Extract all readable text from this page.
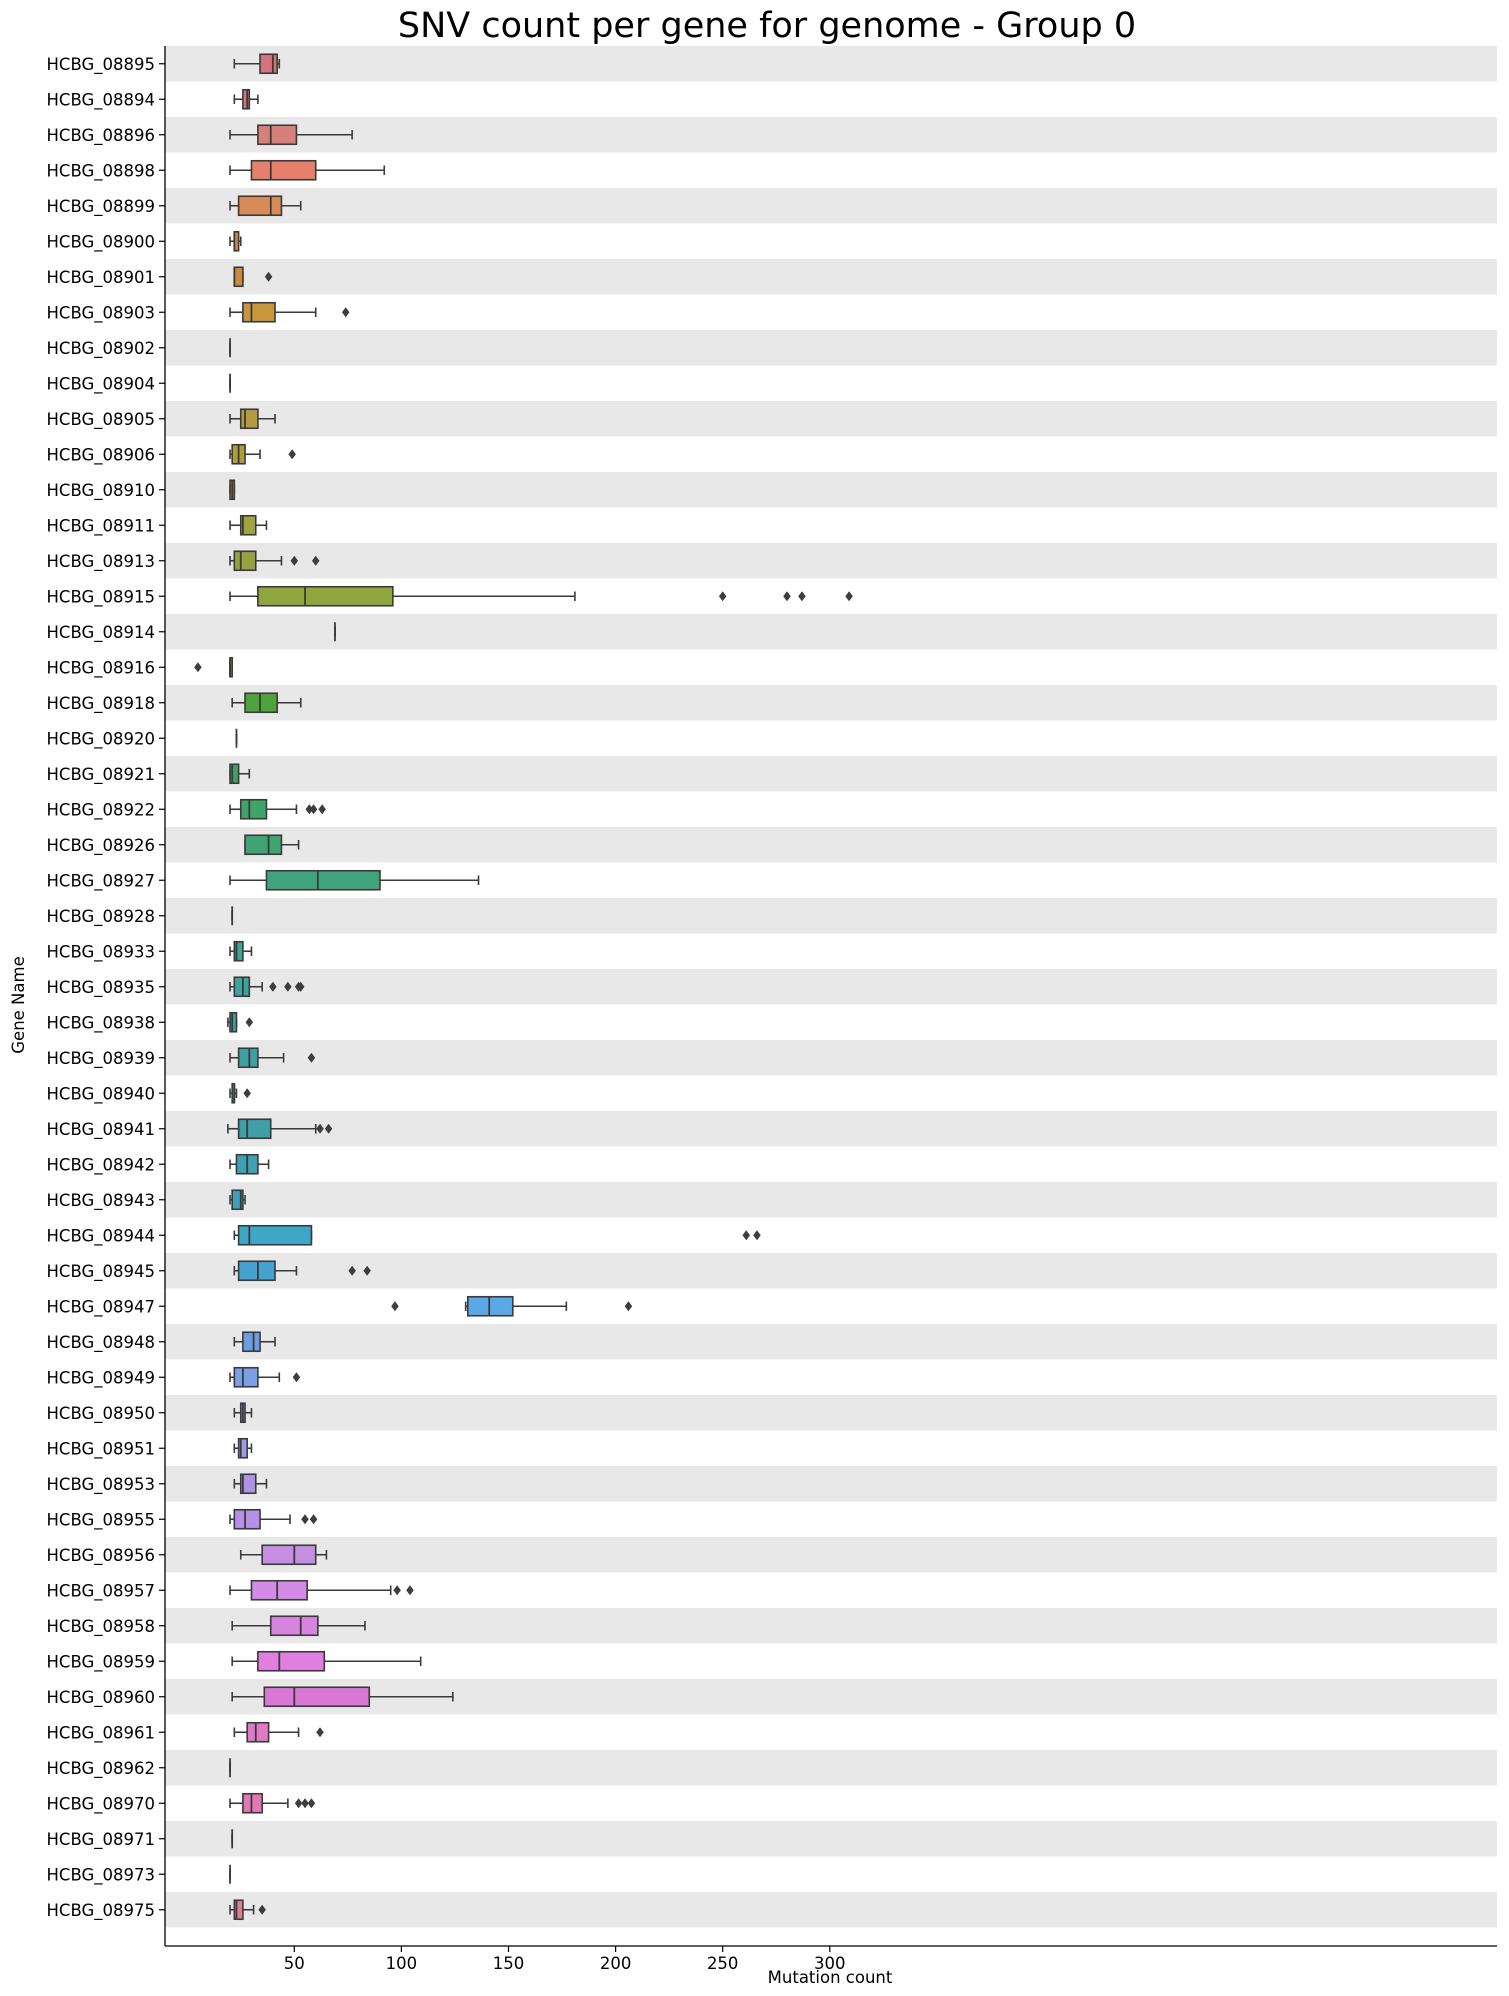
SNV count per gene for genome - Group 0
HCBG_08895
HCBG_08894
HCBG_08896
HCBG_08898
HCBG_08899
HCBG_08900
HCBG_08901
HCBG_08903
HCBG_08902
HCBG_08904
HCBG_08905
HCBG_08906
HCBG_08910
HCBG_08911
HCBG_08913
HCBG_08915
HCBG_08914
HCBG_08916
HCBG_08918
HCBG_08920
HCBG_08921
HCBG_08922
HCBG_08926
HCBG_08927
HCBG_08928
HCBG_08933
HCBG_08935
HCBG_08938
HCBG_08939
HCBG_08940
HCBG_08941
HCBG_08942
HCBG_08943
HCBG_08944
HCBG_08945
HCBG_08947
HCBG_08948
HCBG_08949
HCBG_08950
HCBG_08951
HCBG_08953
HCBG_08955
HCBG_08956
HCBG_08957
HCBG_08958
HCBG_08959
HCBG_08960
HCBG_08961
HCBG_08962
HCBG_08970
HCBG_08971
HCBG_08973
HCBG_08975
50	100	150	200	250	300
Mutation count
Gene Name
